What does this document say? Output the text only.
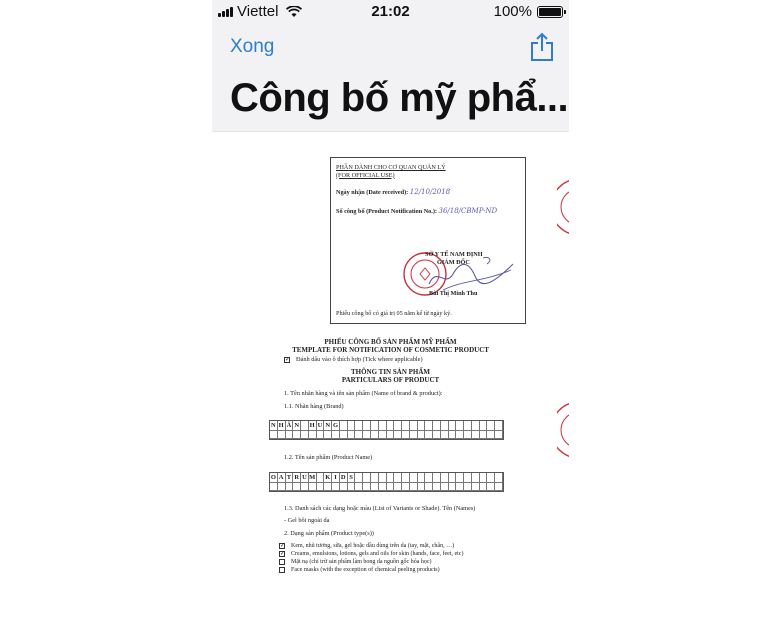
Viettel	21:02	100%
Xong
Công bố mỹ phẩ...
PHẦN DÀNH CHO CƠ QUAN QUẢN LÝ
(FOR OFFICIAL USE)
Ngày nhận (Date received): 12/10/2018
Số công bố (Product Notification No.): 36/18/CBMP-ND
SỞ Y TẾ NAM ĐỊNH
GIÁM ĐỐC
Bùi Thị Minh Thu
Phiếu công bố có giá trị 05 năm kể từ ngày ký.
PHIẾU CÔNG BỐ SẢN PHẨM MỸ PHẨM
TEMPLATE FOR NOTIFICATION OF COSMETIC PRODUCT
✓ Đánh dấu vào ô thích hợp (Tick where applicable)
THÔNG TIN SẢN PHẨM
PARTICULARS OF PRODUCT
1. Tên nhãn hàng và tên sản phẩm (Name of brand & product):
1.1. Nhãn hàng (Brand)
N H Â N	H U N G
1.2. Tên sản phẩm (Product Name)
O A T R U M K I D S
1.3. Danh sách các dạng hoặc màu (List of Variants or Shade). Tên (Names)
- Gel bôi ngoài da
2. Dạng sản phẩm (Product type(s))
✓ Kem, nhũ tương, sữa, gel hoặc dầu dùng trên da (tay, mặt, chân, …)
✓ Creams, emulsions, lotions, gels and oils for skin (hands, face, feet, etc)
Mặt nạ (chỉ trừ sản phẩm làm bong da nguồn gốc hóa học)
Face masks (with the exception of chemical peeling products)
